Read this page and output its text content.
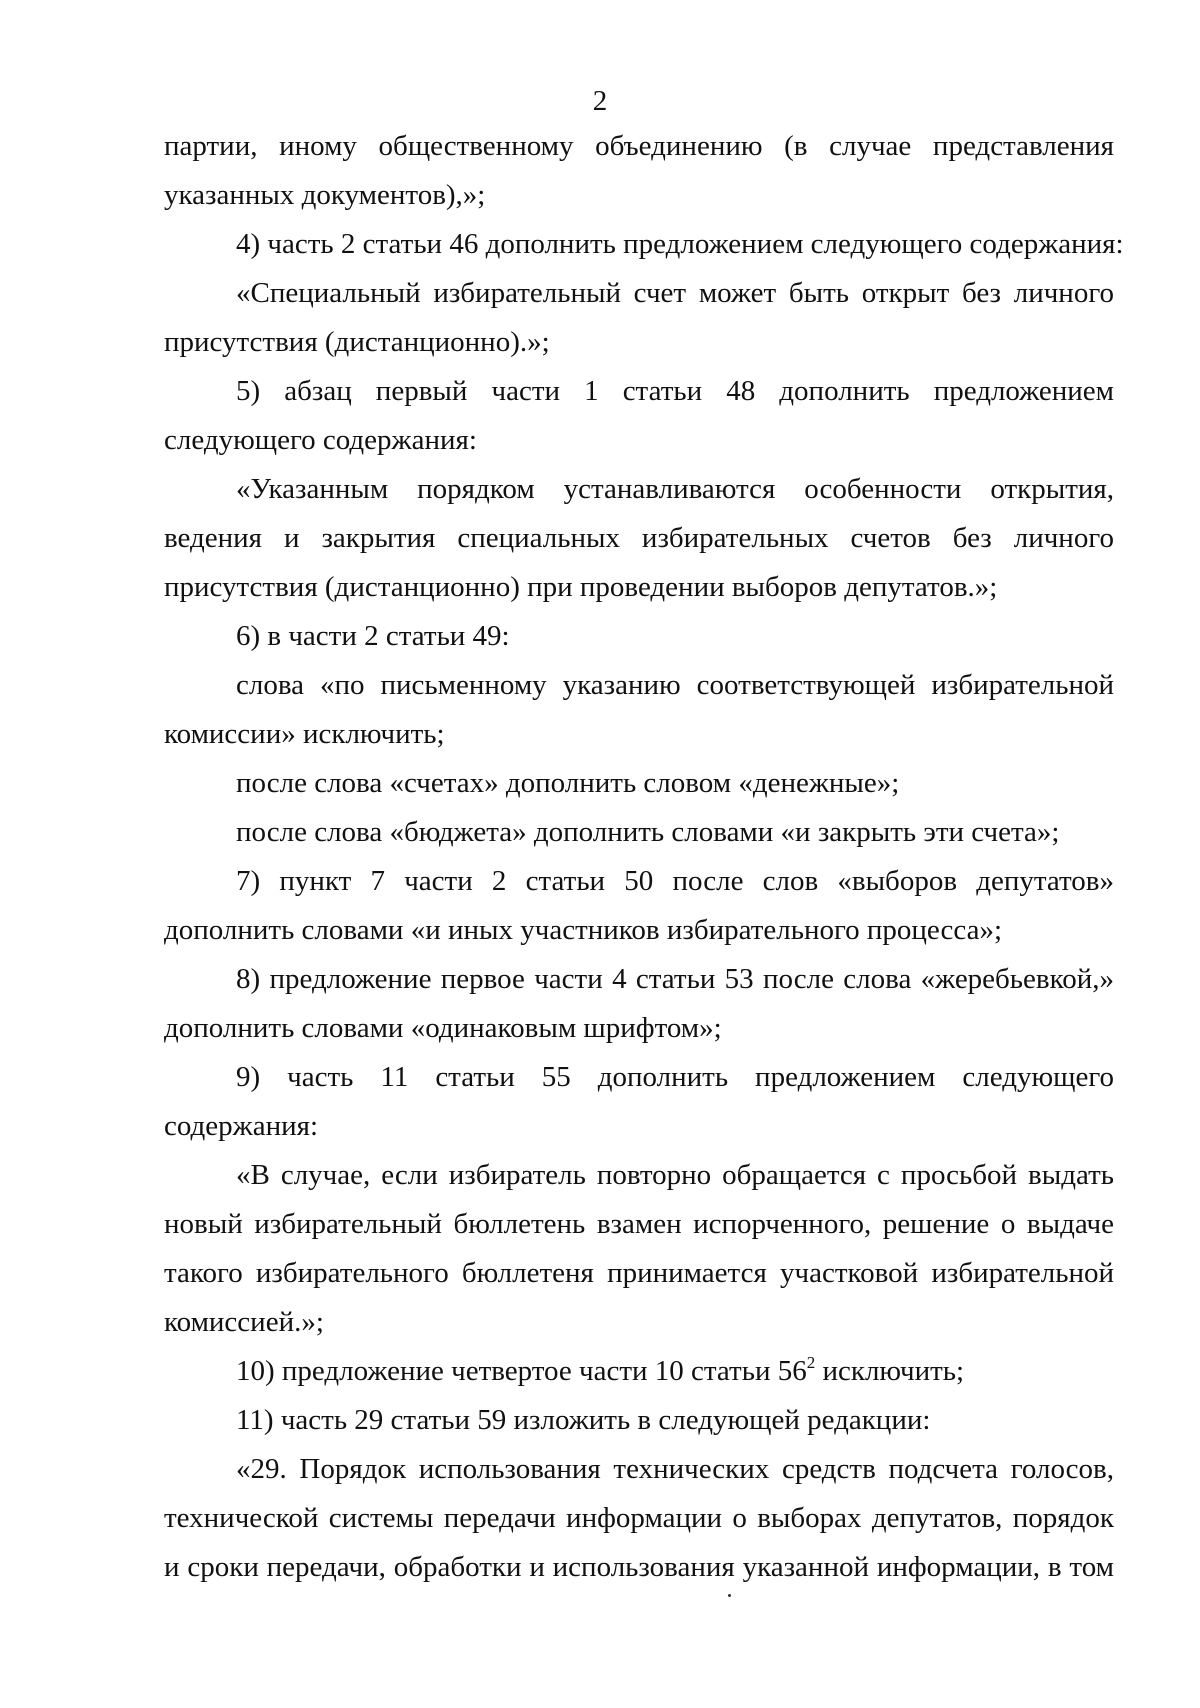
2
партии, иному общественному объединению (в случае представления
указанных документов),»;
4) часть 2 статьи 46 дополнить предложением следующего содержания:
«Специальный избирательный счет может быть открыт без личного
присутствия (дистанционно).»;
5) абзац первый части 1 статьи 48 дополнить предложением
следующего содержания:
«Указанным порядком устанавливаются особенности открытия,
ведения и закрытия специальных избирательных счетов без личного
присутствия (дистанционно) при проведении выборов депутатов.»;
6) в части 2 статьи 49:
слова «по письменному указанию соответствующей избирательной
комиссии» исключить;
после слова «счетах» дополнить словом «денежные»;
после слова «бюджета» дополнить словами «и закрыть эти счета»;
7) пункт 7 части 2 статьи 50 после слов «выборов депутатов»
дополнить словами «и иных участников избирательного процесса»;
8) предложение первое части 4 статьи 53 после слова «жеребьевкой,»
дополнить словами «одинаковым шрифтом»;
9) часть 11 статьи 55 дополнить предложением следующего
содержания:
«В случае, если избиратель повторно обращается с просьбой выдать
новый избирательный бюллетень взамен испорченного, решение о выдаче
такого избирательного бюллетеня принимается участковой избирательной
комиссией.»;
10) предложение четвертое части 10 статьи $56^2$ исключить;
11) часть 29 статьи 59 изложить в следующей редакции:
«29. Порядок использования технических средств подсчета голосов,
технической системы передачи информации о выборах депутатов, порядок
и сроки передачи, обработки и использования указанной информации, в том
